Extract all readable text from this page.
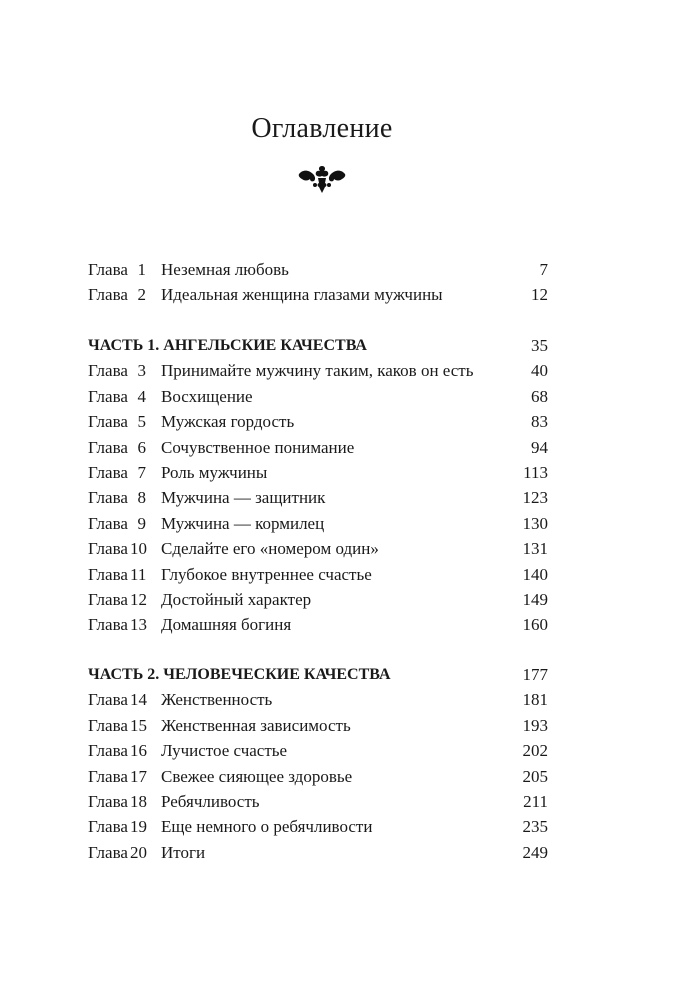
Оглавление
Глава 1 Неземная любовь	7
Глава 2 Идеальная женщина глазами мужчины	12
ЧАСТЬ 1. АНГЕЛЬСКИЕ КАЧЕСТВА	35
Глава 3 Принимайте мужчину таким, каков он есть	40
Глава 4 Восхищение	68
Глава 5 Мужская гордость	83
Глава 6 Сочувственное понимание	94
Глава 7 Роль мужчины	113
Глава 8 Мужчина — защитник	123
Глава 9 Мужчина — кормилец	130
Глава 10 Сделайте его «номером один»	131
Глава 11 Глубокое внутреннее счастье	140
Глава 12 Достойный характер	149
Глава 13 Домашняя богиня	160
ЧАСТЬ 2. ЧЕЛОВЕЧЕСКИЕ КАЧЕСТВА	177
Глава 14 Женственность	181
Глава 15 Женственная зависимость	193
Глава 16 Лучистое счастье	202
Глава 17 Свежее сияющее здоровье	205
Глава 18 Ребячливость	211
Глава 19 Еще немного о ребячливости	235
Глава 20 Итоги	249
